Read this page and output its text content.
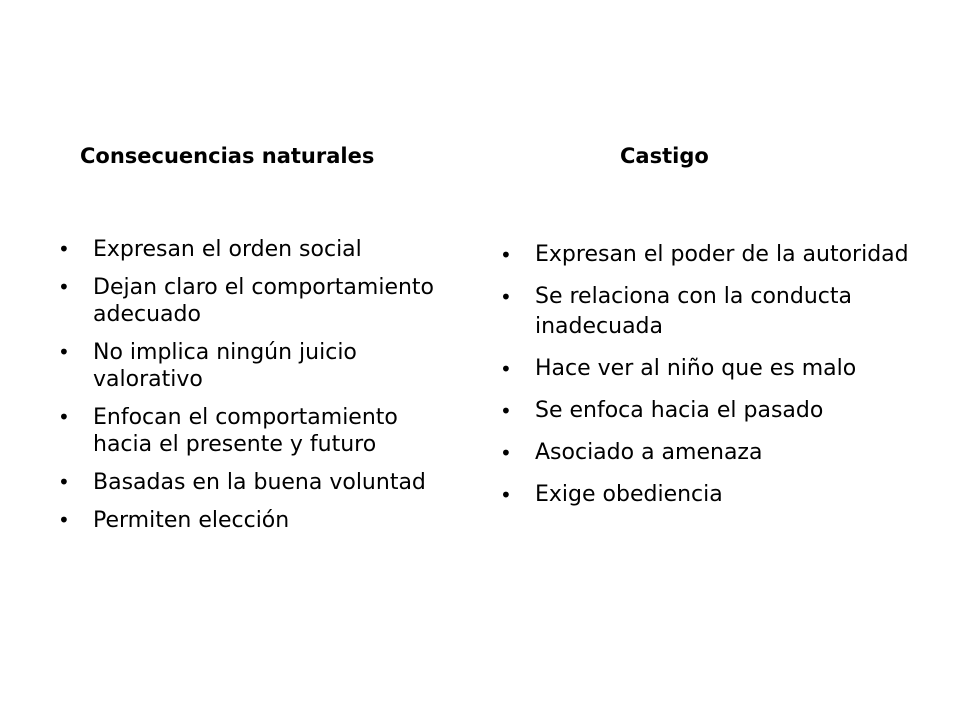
Consecuencias naturales	Castigo
• Expresan el orden social
• Dejan claro el comportamiento adecuado
• No implica ningún juicio valorativo
• Enfocan el comportamiento hacia el presente y futuro
• Basadas en la buena voluntad
• Permiten elección
• Expresan el poder de la autoridad
• Se relaciona con la conducta inadecuada
• Hace ver al niño que es malo
• Se enfoca hacia el pasado
• Asociado a amenaza
• Exige obediencia
